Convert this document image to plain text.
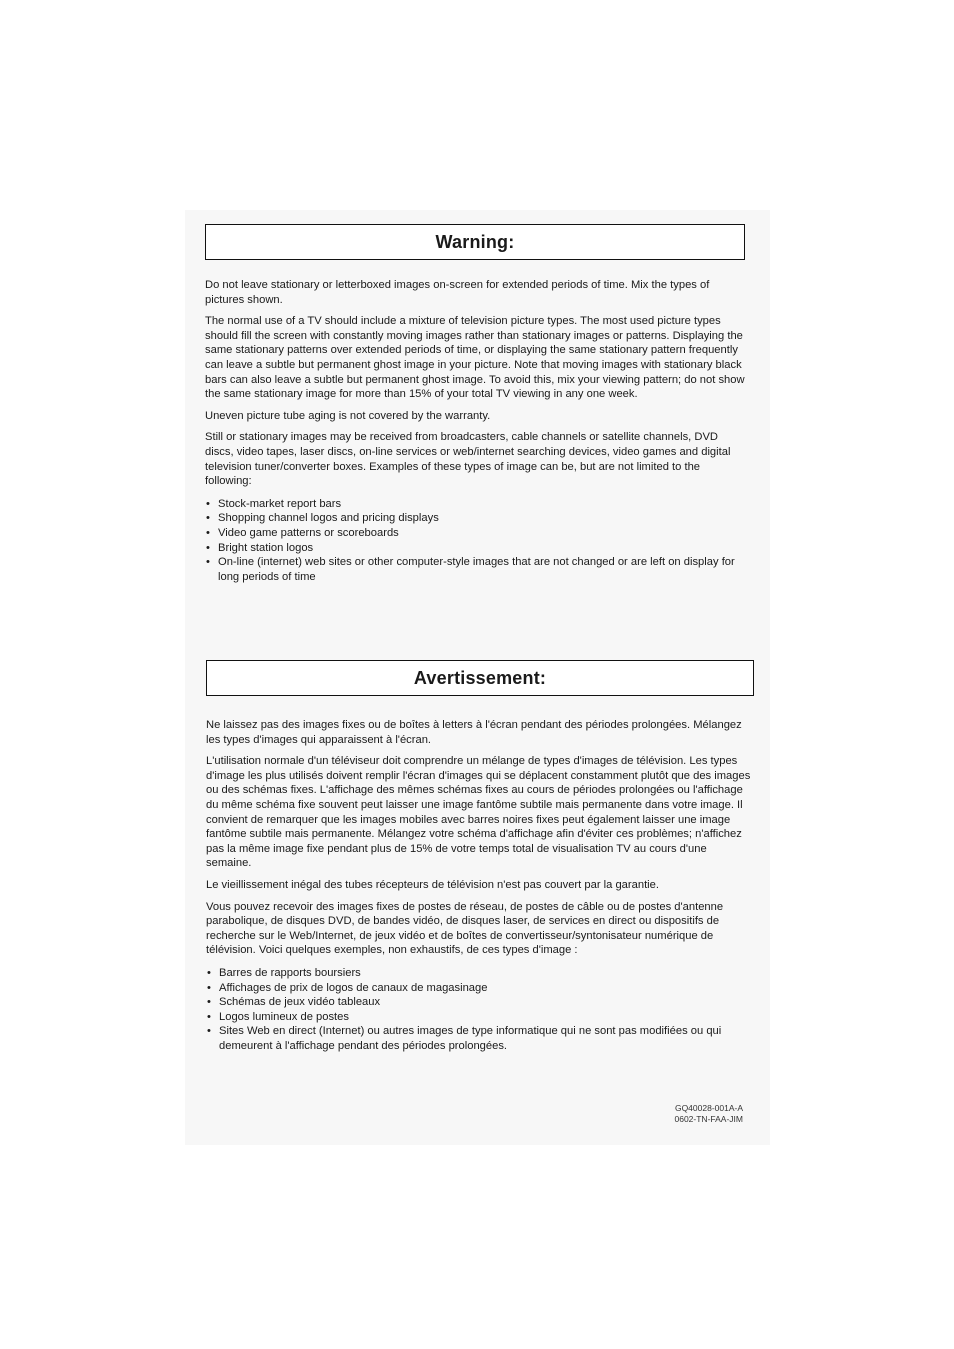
Warning:

Do not leave stationary or letterboxed images on-screen for extended periods of time. Mix the types of pictures shown.

The normal use of a TV should include a mixture of television picture types. The most used picture types should fill the screen with constantly moving images rather than stationary images or patterns. Displaying the same stationary patterns over extended periods of time, or displaying the same stationary pattern frequently can leave a subtle but permanent ghost image in your picture. Note that moving images with stationary black bars can also leave a subtle but permanent ghost image. To avoid this, mix your viewing pattern; do not show the same stationary image for more than 15% of your total TV viewing in any one week.

Uneven picture tube aging is not covered by the warranty.

Still or stationary images may be received from broadcasters, cable channels or satellite channels, DVD discs, video tapes, laser discs, on-line services or web/internet searching devices, video games and digital television tuner/converter boxes. Examples of these types of image can be, but are not limited to the following:

• Stock-market report bars
• Shopping channel logos and pricing displays
• Video game patterns or scoreboards
• Bright station logos
• On-line (internet) web sites or other computer-style images that are not changed or are left on display for long periods of time
Avertissement:

Ne laissez pas des images fixes ou de boîtes à letters à l'écran pendant des périodes prolongées. Mélangez les types d'images qui apparaissent à l'écran.

L'utilisation normale d'un téléviseur doit comprendre un mélange de types d'images de télévision. Les types d'image les plus utilisés doivent remplir l'écran d'images qui se déplacent constamment plutôt que des images ou des schémas fixes. L'affichage des mêmes schémas fixes au cours de périodes prolongées ou l'affichage du même schéma fixe souvent peut laisser une image fantôme subtile mais permanente dans votre image. Il convient de remarquer que les images mobiles avec barres noires fixes peut également laisser une image fantôme subtile mais permanente. Mélangez votre schéma d'affichage afin d'éviter ces problèmes; n'affichez pas la même image fixe pendant plus de 15% de votre temps total de visualisation TV au cours d'une semaine.

Le vieillissement inégal des tubes récepteurs de télévision n'est pas couvert par la garantie.

Vous pouvez recevoir des images fixes de postes de réseau, de postes de câble ou de postes d'antenne parabolique, de disques DVD, de bandes vidéo, de disques laser, de services en direct ou dispositifs de recherche sur le Web/Internet, de jeux vidéo et de boîtes de convertisseur/syntonisateur numérique de télévision. Voici quelques exemples, non exhaustifs, de ces types d'image :

• Barres de rapports boursiers
• Affichages de prix de logos de canaux de magasinage
• Schémas de jeux vidéo tableaux
• Logos lumineux de postes
• Sites Web en direct (Internet) ou autres images de type informatique qui ne sont pas modifiées ou qui demeurent à l'affichage pendant des périodes prolongées.
GQ40028-001A-A
0602-TN-FAA-JIM
